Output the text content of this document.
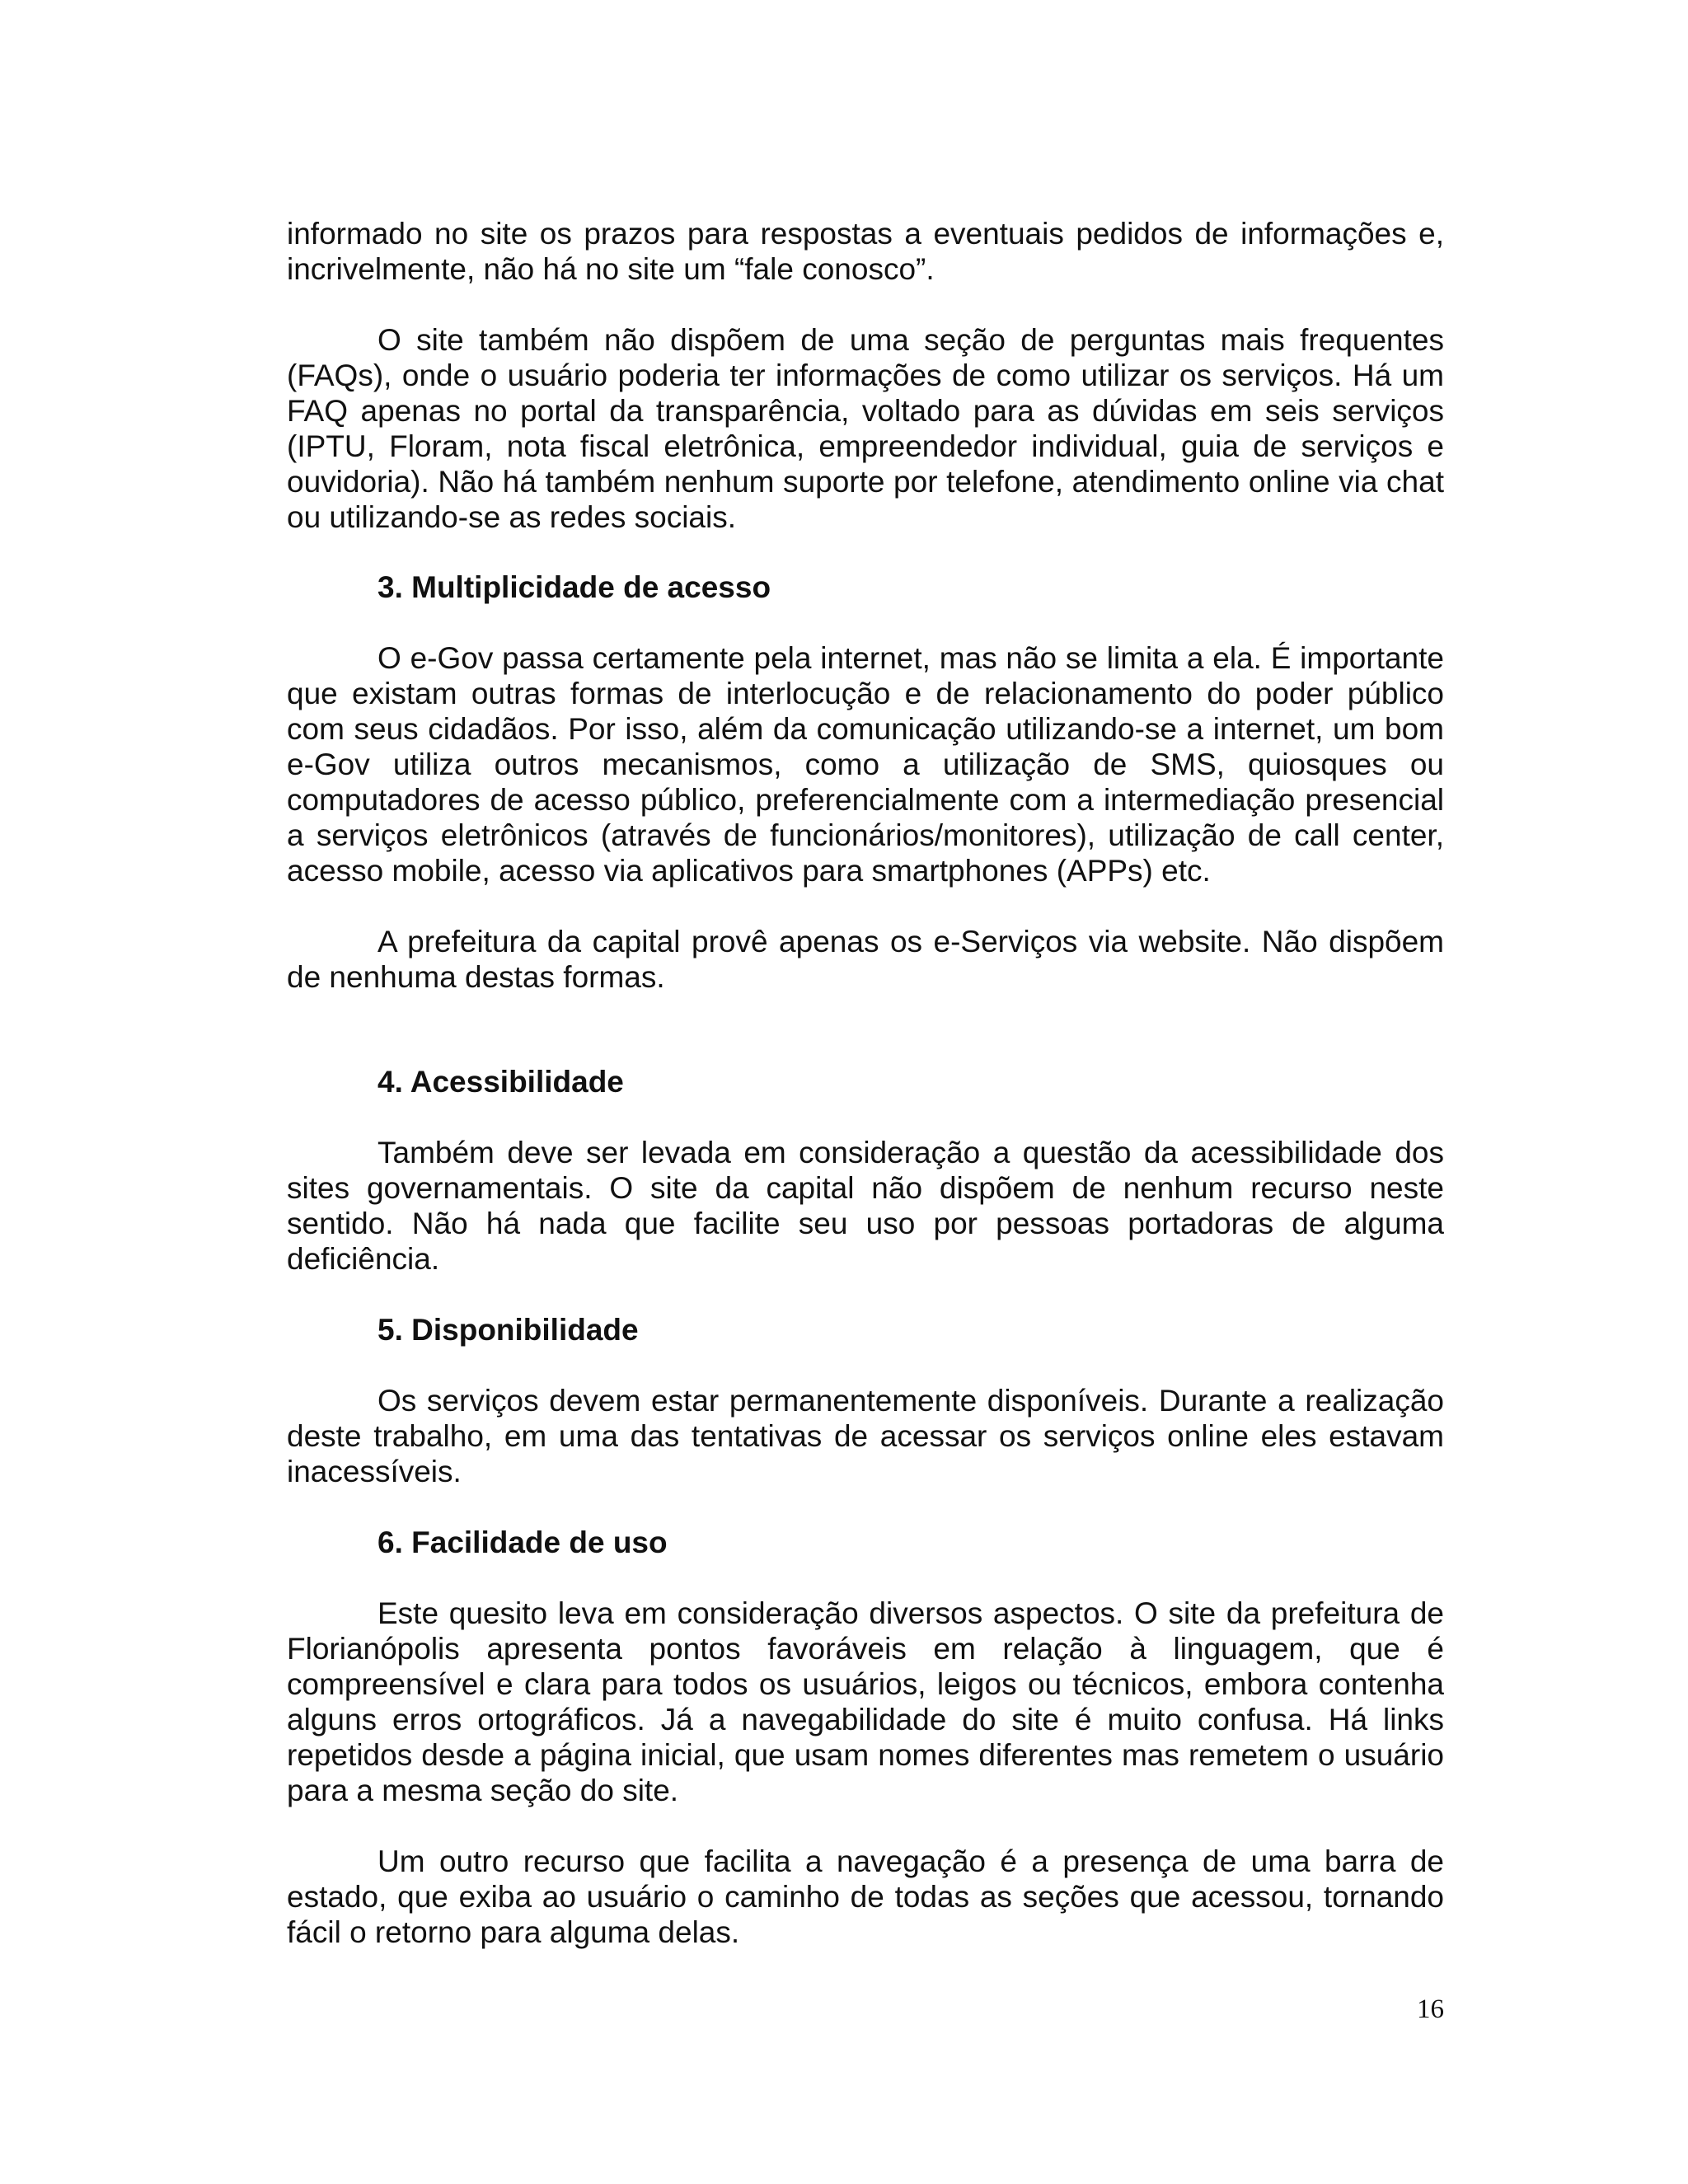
informado no site os prazos para respostas a eventuais pedidos de informações e, incrivelmente, não há no site um “fale conosco”.

O site também não dispõem de uma seção de perguntas mais frequentes (FAQs), onde o usuário poderia ter informações de como utilizar os serviços. Há um FAQ apenas no portal da transparência, voltado para as dúvidas em seis serviços (IPTU, Floram, nota fiscal eletrônica, empreendedor individual, guia de serviços e ouvidoria). Não há também nenhum suporte por telefone, atendimento online via chat ou utilizando-se as redes sociais.

3. Multiplicidade de acesso

O e-Gov passa certamente pela internet, mas não se limita a ela. É importante que existam outras formas de interlocução e de relacionamento do poder público com seus cidadãos. Por isso, além da comunicação utilizando-se a internet, um bom e-Gov utiliza outros mecanismos, como a utilização de SMS, quiosques ou computadores de acesso público, preferencialmente com a intermediação presencial a serviços eletrônicos (através de funcionários/monitores), utilização de call center, acesso mobile, acesso via aplicativos para smartphones (APPs) etc.

A prefeitura da capital provê apenas os e-Serviços via website. Não dispõem de nenhuma destas formas.

4. Acessibilidade

Também deve ser levada em consideração a questão da acessibilidade dos sites governamentais. O site da capital não dispõem de nenhum recurso neste sentido. Não há nada que facilite seu uso por pessoas portadoras de alguma deficiência.

5. Disponibilidade

Os serviços devem estar permanentemente disponíveis. Durante a realização deste trabalho, em uma das tentativas de acessar os serviços online eles estavam inacessíveis.

6. Facilidade de uso

Este quesito leva em consideração diversos aspectos. O site da prefeitura de Florianópolis apresenta pontos favoráveis em relação à linguagem, que é compreensível e clara para todos os usuários, leigos ou técnicos, embora contenha alguns erros ortográficos. Já a navegabilidade do site é muito confusa. Há links repetidos desde a página inicial, que usam nomes diferentes mas remetem o usuário para a mesma seção do site.

Um outro recurso que facilita a navegação é a presença de uma barra de estado, que exiba ao usuário o caminho de todas as seções que acessou, tornando fácil o retorno para alguma delas.

16
